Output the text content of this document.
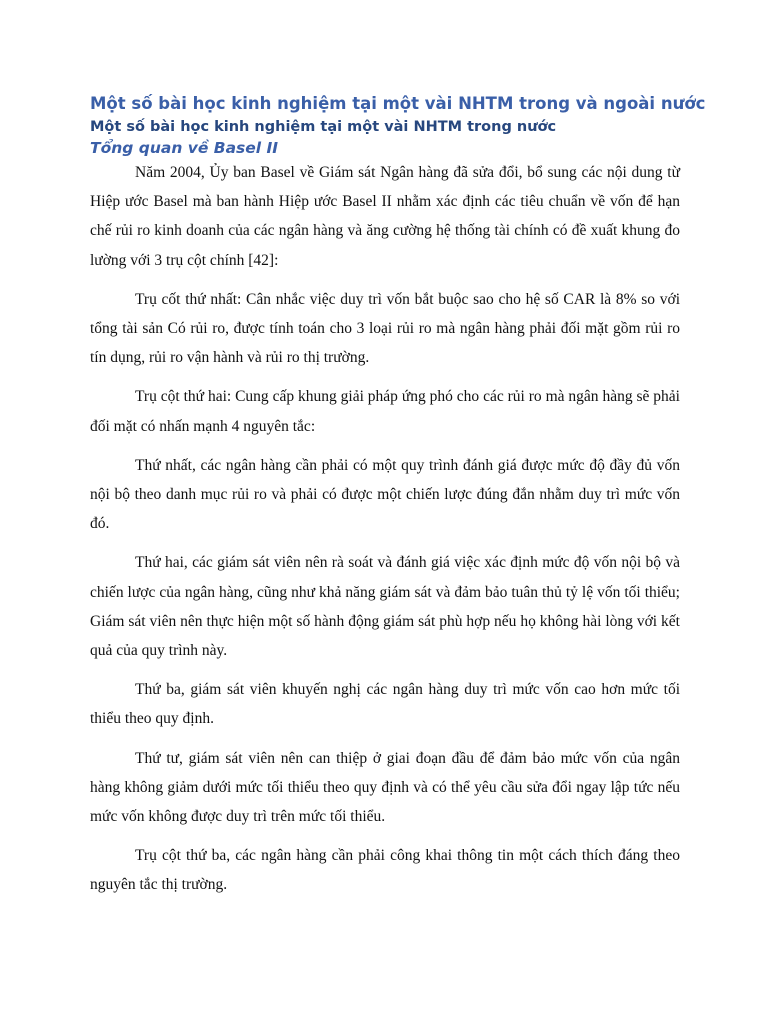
Một số bài học kinh nghiệm tại một vài NHTM trong và ngoài nước
Một số bài học kinh nghiệm tại một vài NHTM trong nước
Tổng quan về Basel II

Năm 2004, Ủy ban Basel về Giám sát Ngân hàng đã sửa đổi, bổ sung các nội dung từ Hiệp ước Basel mà ban hành Hiệp ước Basel II nhằm xác định các tiêu chuẩn về vốn để hạn chế rủi ro kinh doanh của các ngân hàng và ăng cường hệ thống tài chính có đề xuất khung đo lường với 3 trụ cột chính [42]:

Trụ cốt thứ nhất: Cân nhắc việc duy trì vốn bắt buộc sao cho hệ số CAR là 8% so với tổng tài sản Có rủi ro, được tính toán cho 3 loại rủi ro mà ngân hàng phải đối mặt gồm rủi ro tín dụng, rủi ro vận hành và rủi ro thị trường.

Trụ cột thứ hai: Cung cấp khung giải pháp ứng phó cho các rủi ro mà ngân hàng sẽ phải đối mặt có nhấn mạnh 4 nguyên tắc:

Thứ nhất, các ngân hàng cần phải có một quy trình đánh giá được mức độ đầy đủ vốn nội bộ theo danh mục rủi ro và phải có được một chiến lược đúng đắn nhằm duy trì mức vốn đó.

Thứ hai, các giám sát viên nên rà soát và đánh giá việc xác định mức độ vốn nội bộ và chiến lược của ngân hàng, cũng như khả năng giám sát và đảm bảo tuân thủ tỷ lệ vốn tối thiểu; Giám sát viên nên thực hiện một số hành động giám sát phù hợp nếu họ không hài lòng với kết quả của quy trình này.

Thứ ba, giám sát viên khuyến nghị các ngân hàng duy trì mức vốn cao hơn mức tối thiểu theo quy định.

Thứ tư, giám sát viên nên can thiệp ở giai đoạn đầu để đảm bảo mức vốn của ngân hàng không giảm dưới mức tối thiểu theo quy định và có thể yêu cầu sửa đổi ngay lập tức nếu mức vốn không được duy trì trên mức tối thiểu.

Trụ cột thứ ba, các ngân hàng cần phải công khai thông tin một cách thích đáng theo nguyên tắc thị trường.
